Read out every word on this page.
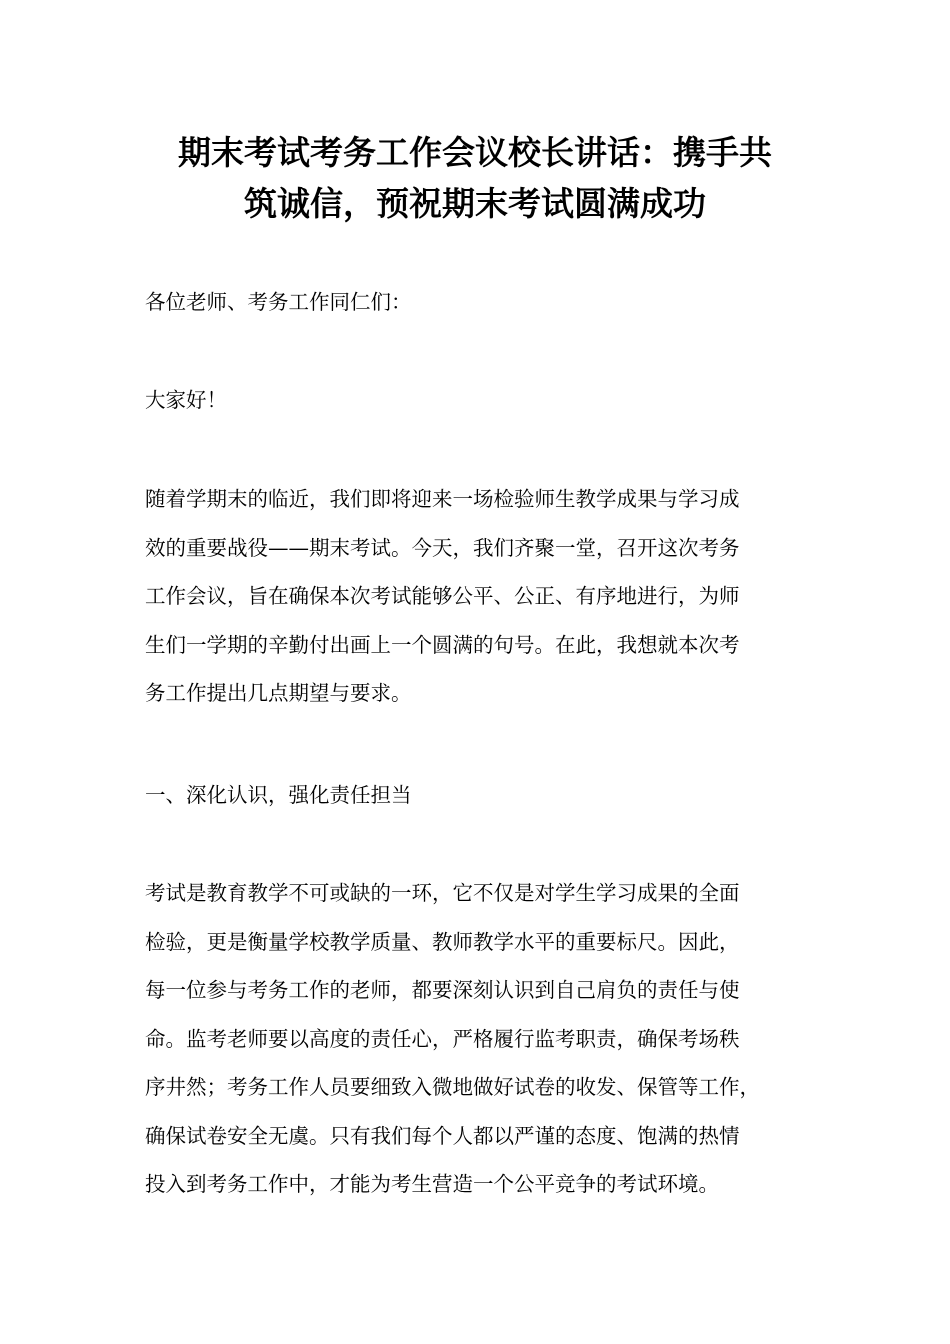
期末考试考务工作会议校长讲话：携手共
筑诚信，预祝期末考试圆满成功

各位老师、考务工作同仁们：

大家好！

随着学期末的临近，我们即将迎来一场检验师生教学成果与学习成
效的重要战役——期末考试。今天，我们齐聚一堂，召开这次考务
工作会议，旨在确保本次考试能够公平、公正、有序地进行，为师
生们一学期的辛勤付出画上一个圆满的句号。在此，我想就本次考
务工作提出几点期望与要求。

一、深化认识，强化责任担当

考试是教育教学不可或缺的一环，它不仅是对学生学习成果的全面
检验，更是衡量学校教学质量、教师教学水平的重要标尺。因此，
每一位参与考务工作的老师，都要深刻认识到自己肩负的责任与使
命。监考老师要以高度的责任心，严格履行监考职责，确保考场秩
序井然；考务工作人员要细致入微地做好试卷的收发、保管等工作，
确保试卷安全无虞。只有我们每个人都以严谨的态度、饱满的热情
投入到考务工作中，才能为考生营造一个公平竞争的考试环境。
